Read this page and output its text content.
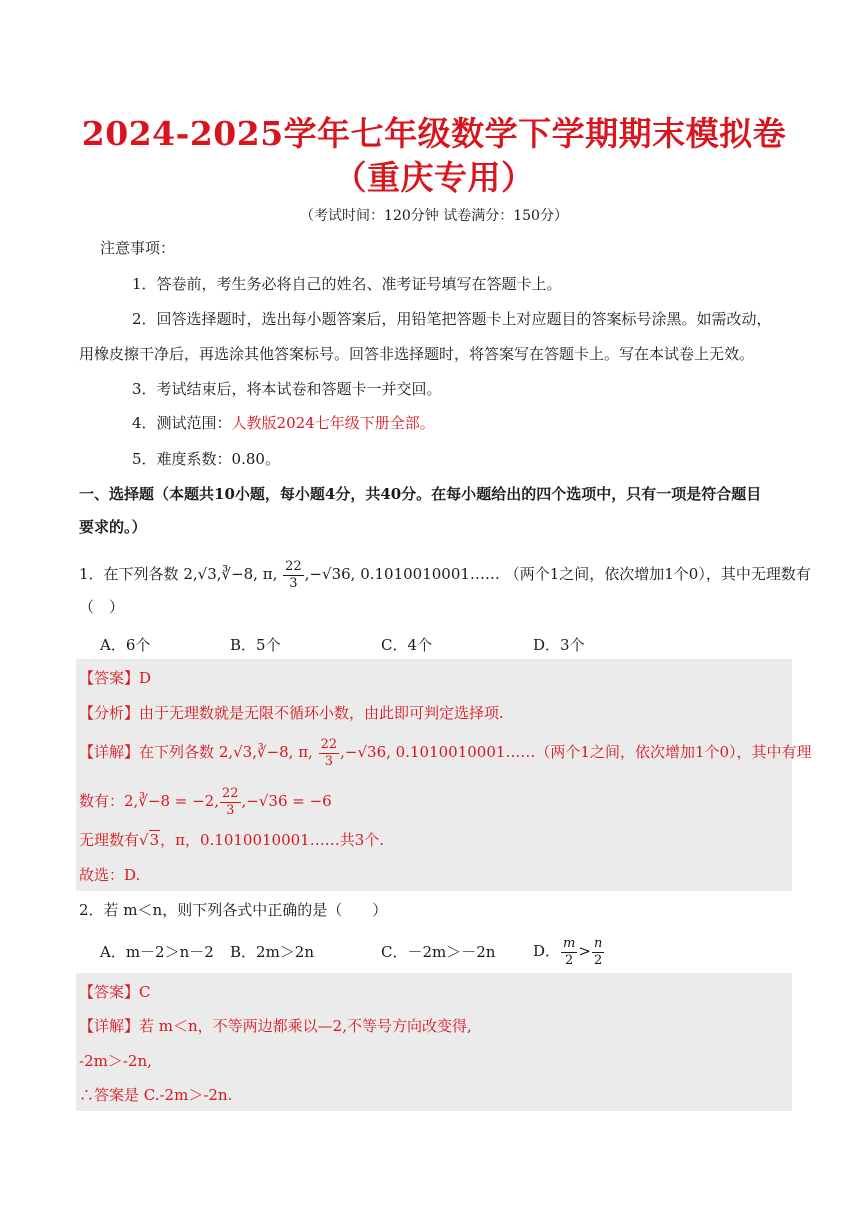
2024-2025学年七年级数学下学期期末模拟卷
（重庆专用）
（考试时间：120分钟 试卷满分：150分）
注意事项：
1．答卷前，考生务必将自己的姓名、准考证号填写在答题卡上。
2．回答选择题时，选出每小题答案后，用铅笔把答题卡上对应题目的答案标号涂黑。如需改动，
用橡皮擦干净后，再选涂其他答案标号。回答非选择题时，将答案写在答题卡上。写在本试卷上无效。
3．考试结束后，将本试卷和答题卡一并交回。
4．测试范围：人教版2024七年级下册全部。
5．难度系数：0.80。
一、选择题（本题共10小题，每小题4分，共40分。在每小题给出的四个选项中，只有一项是符合题目
要求的。）
1．在下列各数 2,√3,∛−8, π, $\frac{22}{3} ,-√36$, 0.1010010001…… （两个1之间，依次增加1个0），其中无理数有
（　）
A．6个	B．5个	C．4个	D．3个
【答案】D
【分析】由于无理数就是无限不循环小数，由此即可判定选择项.
【详解】在下列各数 2,√3,∛−8, π, $\frac{22}{3} ,-√36$, 0.1010010001……（两个1之间，依次增加1个0），其中有理
数有：2,∛−8 = −2, $\frac{22}{3} ,-√36 = -6$
无理数有√3，π，0.1010010001……共3个.
故选：D.
2．若 m＜n，则下列各式中正确的是（　　）
A．m－2＞n－2 B．2m＞2n	C．－2m＞－2n	D． $\frac{m}{2} > \frac{n}{2}$
【答案】C
【详解】若 m＜n，不等两边都乘以—2,不等号方向改变得,
-2m＞-2n,
∴答案是 C.-2m＞-2n.
